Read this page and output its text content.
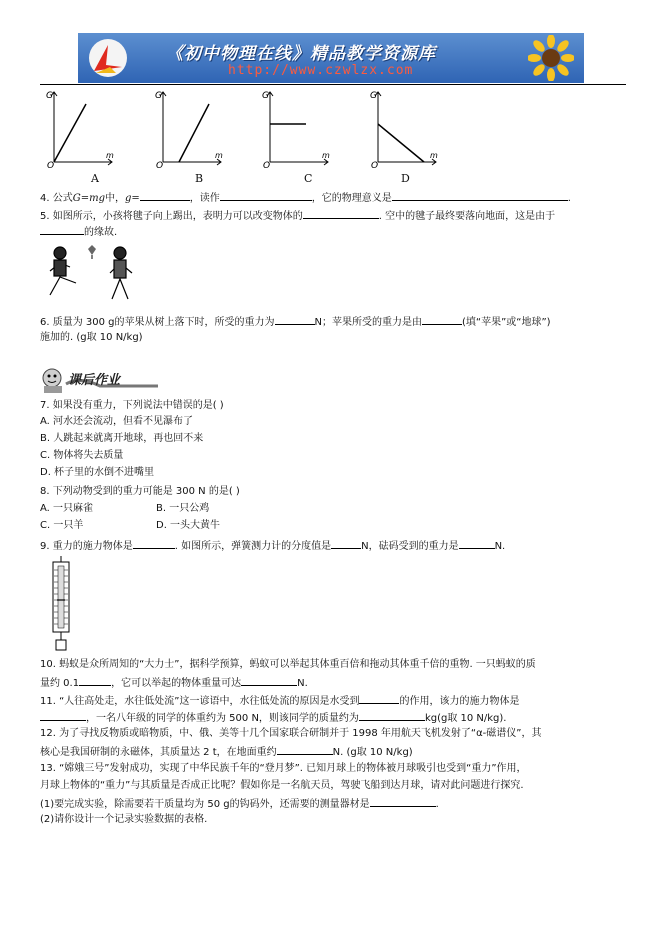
《初中物理在线》精品教学资源库
http://www.czwlzx.com
G
O
m
G
O
m
G
O
m
G
O
m
A	B	C	D
4. 公式G=mg中，g=	，读作	，它的物理意义是	.
5. 如图所示，小孩将毽子向上踢出，表明力可以改变物体的	. 空中的毽子最终要落向地面，这是由于
的缘故.
6. 质量为 300 g的苹果从树上落下时，所受的重力为	N；苹果所受的重力是由	(填“苹果”或“地球”)
施加的. (g取 10 N/kg)
课后作业
7. 如果没有重力，下列说法中错误的是( )
A. 河水还会流动，但看不见瀑布了
B. 人跳起来就离开地球，再也回不来
C. 物体将失去质量
D. 杯子里的水倒不进嘴里
8. 下列动物受到的重力可能是 300 N 的是( )
A. 一只麻雀	B. 一只公鸡
C. 一只羊	D. 一头大黄牛
9. 重力的施力物体是	. 如图所示，弹簧测力计的分度值是	N，砝码受到的重力是	N.
10. 蚂蚁是众所周知的“大力士”，据科学预算，蚂蚁可以举起其体重百倍和拖动其体重千倍的重物. 一只蚂蚁的质
量约 0.1	，它可以举起的物体重量可达	N.
11. “人往高处走，水往低处流”这一谚语中，水往低处流的原因是水受到	的作用，该力的施力物体是
，一名八年级的同学的体重约为 500 N，则该同学的质量约为	kg(g取 10 N/kg).
12. 为了寻找反物质或暗物质，中、俄、美等十几个国家联合研制并于 1998 年用航天飞机发射了“α-磁谱仪”，其
核心是我国研制的永磁体，其质量达 2 t，在地面重约	N. (g取 10 N/kg)
13. “嫦娥三号”发射成功，实现了中华民族千年的“登月梦”. 已知月球上的物体被月球吸引也受到“重力”作用，
月球上物体的“重力”与其质量是否成正比呢？假如你是一名航天员，驾驶飞船到达月球，请对此问题进行探究.
(1)要完成实验，除需要若干质量均为 50 g的钩码外，还需要的测量器材是	.
(2)请你设计一个记录实验数据的表格.
